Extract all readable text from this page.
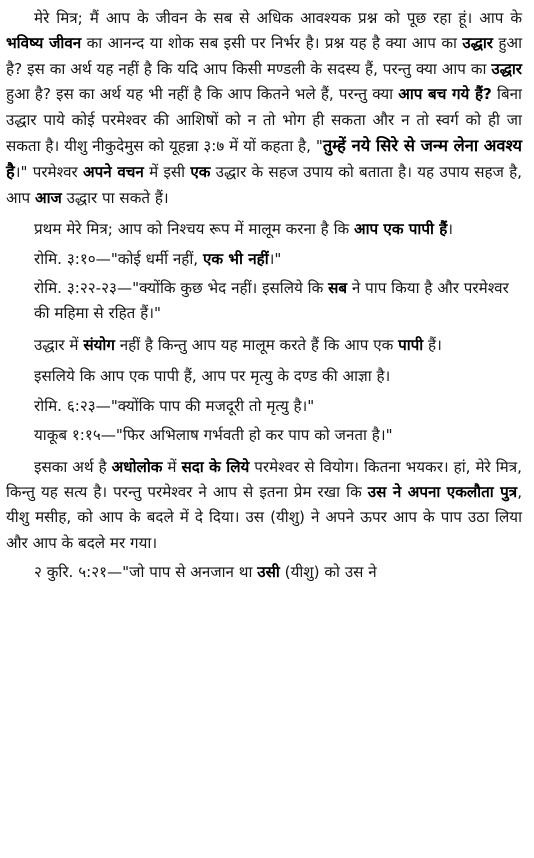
मेरे मित्र; मैं आप के जीवन के सब से अधिक आवश्यक प्रश्न को पूछ रहा हूं। आप के भविष्य जीवन का आनन्द या शोक सब इसी पर निर्भर है। प्रश्न यह है क्या आप का उद्धार हुआ है? इस का अर्थ यह नहीं है कि यदि आप किसी मण्डली के सदस्य हैं, परन्तु क्या आप का उद्धार हुआ है? इस का अर्थ यह भी नहीं है कि आप कितने भले हैं, परन्तु क्या आप बच गये हैं? बिना उद्धार पाये कोई परमेश्वर की आशिषों को न तो भोग ही सकता और न तो स्वर्ग को ही जा सकता है। यीशु नीकुदेमुस को यूहन्ना ३:७ में यों कहता है, "तुम्हें नये सिरे से जन्म लेना अवश्य है।" परमेश्वर अपने वचन में इसी एक उद्धार के सहज उपाय को बताता है। यह उपाय सहज है, आप आज उद्धार पा सकते हैं।

प्रथम मेरे मित्र; आप को निश्चय रूप में मालूम करना है कि आप एक पापी हैं।

रोमि. ३:१०—"कोई धर्मी नहीं, एक भी नहीं।"

रोमि. ३:२२-२३—"क्योंकि कुछ भेद नहीं। इसलिये कि सब ने पाप किया है और परमेश्वर की महिमा से रहित हैं।"

उद्धार में संयोग नहीं है किन्तु आप यह मालूम करते हैं कि आप एक पापी हैं।

इसलिये कि आप एक पापी हैं, आप पर मृत्यु के दण्ड की आज्ञा है।

रोमि. ६:२३—"क्योंकि पाप की मजदूरी तो मृत्यु है।"

याकूब १:१५—"फिर अभिलाष गर्भवती हो कर पाप को जनता है।"

इसका अर्थ है अधोलोक में सदा के लिये परमेश्वर से वियोग। कितना भयकर। हां, मेरे मित्र, किन्तु यह सत्य है। परन्तु परमेश्वर ने आप से इतना प्रेम रखा कि उस ने अपना एकलौता पुत्र, यीशु मसीह, को आप के बदले में दे दिया। उस (यीशु) ने अपने ऊपर आप के पाप उठा लिया और आप के बदले मर गया।

२ कुरि. ५:२१—"जो पाप से अनजान था उसी (यीशु) को उस ने
